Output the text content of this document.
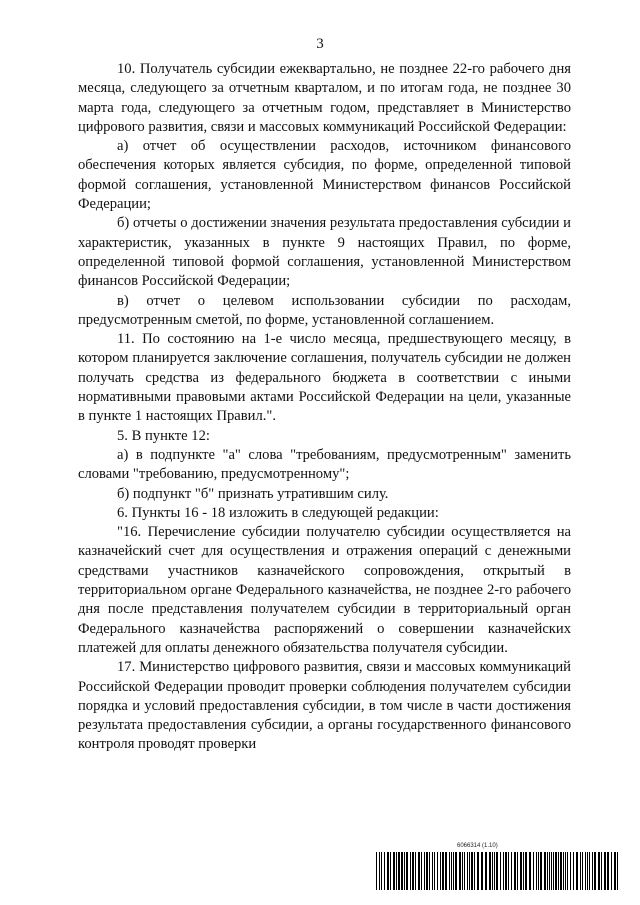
3

10. Получатель субсидии ежеквартально, не позднее 22-го рабочего дня месяца, следующего за отчетным кварталом, и по итогам года, не позднее 30 марта года, следующего за отчетным годом, представляет в Министерство цифрового развития, связи и массовых коммуникаций Российской Федерации:

а) отчет об осуществлении расходов, источником финансового обеспечения которых является субсидия, по форме, определенной типовой формой соглашения, установленной Министерством финансов Российской Федерации;

б) отчеты о достижении значения результата предоставления субсидии и характеристик, указанных в пункте 9 настоящих Правил, по форме, определенной типовой формой соглашения, установленной Министерством финансов Российской Федерации;

в) отчет о целевом использовании субсидии по расходам, предусмотренным сметой, по форме, установленной соглашением.

11. По состоянию на 1-е число месяца, предшествующего месяцу, в котором планируется заключение соглашения, получатель субсидии не должен получать средства из федерального бюджета в соответствии с иными нормативными правовыми актами Российской Федерации на цели, указанные в пункте 1 настоящих Правил.".

5. В пункте 12:

а) в подпункте "а" слова "требованиям, предусмотренным" заменить словами "требованию, предусмотренному";

б) подпункт "б" признать утратившим силу.

6. Пункты 16 - 18 изложить в следующей редакции:

"16. Перечисление субсидии получателю субсидии осуществляется на казначейский счет для осуществления и отражения операций с денежными средствами участников казначейского сопровождения, открытый в территориальном органе Федерального казначейства, не позднее 2-го рабочего дня после представления получателем субсидии в территориальный орган Федерального казначейства распоряжений о совершении казначейских платежей для оплаты денежного обязательства получателя субсидии.

17. Министерство цифрового развития, связи и массовых коммуникаций Российской Федерации проводит проверки соблюдения получателем субсидии порядка и условий предоставления субсидии, в том числе в части достижения результата предоставления субсидии, а органы государственного финансового контроля проводят проверки

6066314 (1.10)
